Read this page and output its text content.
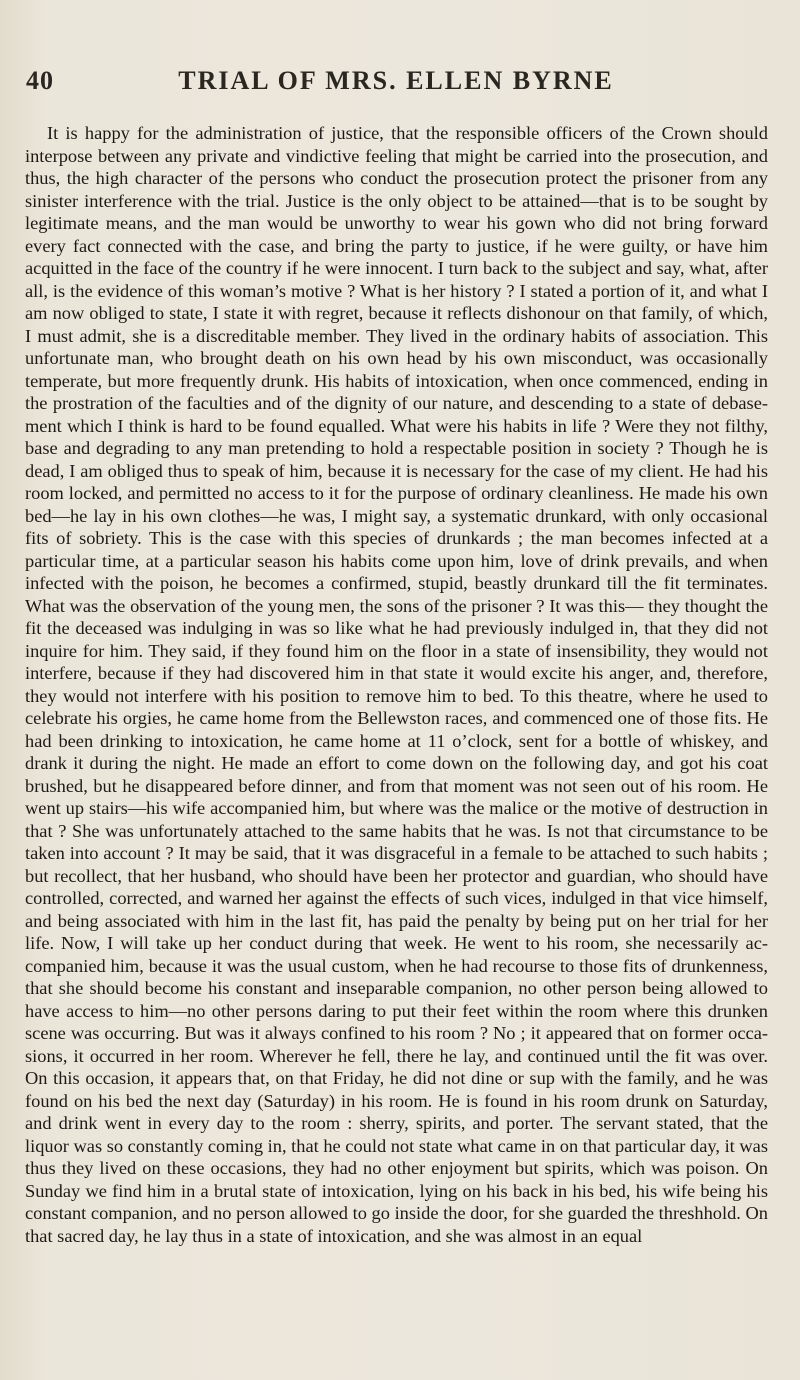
40	TRIAL OF MRS. ELLEN BYRNE

It is happy for the administration of justice, that the responsible officers of the Crown should interpose between any private and vindictive feeling that might be carried into the prosecution, and thus, the high character of the persons who conduct the prosecution protect the prisoner from any sinister interference with the trial. Justice is the only object to be attained—that is to be sought by legitimate means, and the man would be unworthy to wear his gown who did not bring forward every fact connected with the case, and bring the party to justice, if he were guilty, or have him acquitted in the face of the country if he were innocent. I turn back to the subject and say, what, after all, is the evidence of this woman’s motive ? What is her history ? I stated a portion of it, and what I am now obliged to state, I state it with regret, because it reflects dishonour on that family, of which, I must admit, she is a discreditable member. They lived in the ordinary habits of association. This unfortunate man, who brought death on his own head by his own misconduct, was occasionally temperate, but more frequently drunk. His habits of intoxication, when once commenced, ending in the prostration of the faculties and of the dignity of our nature, and descending to a state of debasement which I think is hard to be found equalled. What were his habits in life ? Were they not filthy, base and degrading to any man pretending to hold a respectable position in society ? Though he is dead, I am obliged thus to speak of him, because it is necessary for the case of my client. He had his room locked, and permitted no access to it for the purpose of ordinary cleanliness. He made his own bed—he lay in his own clothes—he was, I might say, a systematic drunkard, with only occasional fits of sobriety. This is the case with this species of drunkards ; the man becomes infected at a particular time, at a particular season his habits come upon him, love of drink prevails, and when infected with the poison, he becomes a confirmed, stupid, beastly drunkard till the fit terminates. What was the observation of the young men, the sons of the prisoner ? It was this— they thought the fit the deceased was indulging in was so like what he had previously indulged in, that they did not inquire for him. They said, if they found him on the floor in a state of insensibility, they would not interfere, because if they had discovered him in that state it would excite his anger, and, therefore, they would not interfere with his position to remove him to bed. To this theatre, where he used to celebrate his orgies, he came home from the Bellewston races, and commenced one of those fits. He had been drinking to intoxication, he came home at 11 o’clock, sent for a bottle of whiskey, and drank it during the night. He made an effort to come down on the following day, and got his coat brushed, but he disappeared before dinner, and from that moment was not seen out of his room. He went up stairs—his wife accompanied him, but where was the malice or the motive of destruction in that ? She was unfortunately attached to the same habits that he was. Is not that circumstance to be taken into account ? It may be said, that it was disgraceful in a female to be attached to such habits ; but recollect, that her husband, who should have been her protector and guardian, who should have controlled, corrected, and warned her against the effects of such vices, indulged in that vice himself, and being associated with him in the last fit, has paid the penalty by being put on her trial for her life. Now, I will take up her conduct during that week. He went to his room, she necessarily accompanied him, because it was the usual custom, when he had recourse to those fits of drunkenness, that she should become his constant and inseparable companion, no other person being allowed to have access to him—no other persons daring to put their feet within the room where this drunken scene was occurring. But was it always confined to his room ? No ; it appeared that on former occasions, it occurred in her room. Wherever he fell, there he lay, and continued until the fit was over. On this occasion, it appears that, on that Friday, he did not dine or sup with the family, and he was found on his bed the next day (Saturday) in his room. He is found in his room drunk on Saturday, and drink went in every day to the room : sherry, spirits, and porter. The servant stated, that the liquor was so constantly coming in, that he could not state what came in on that particular day, it was thus they lived on these occasions, they had no other enjoyment but spirits, which was poison. On Sunday we find him in a brutal state of intoxication, lying on his back in his bed, his wife being his constant companion, and no person allowed to go inside the door, for she guarded the threshhold. On that sacred day, he lay thus in a state of intoxication, and she was almost in an equal
